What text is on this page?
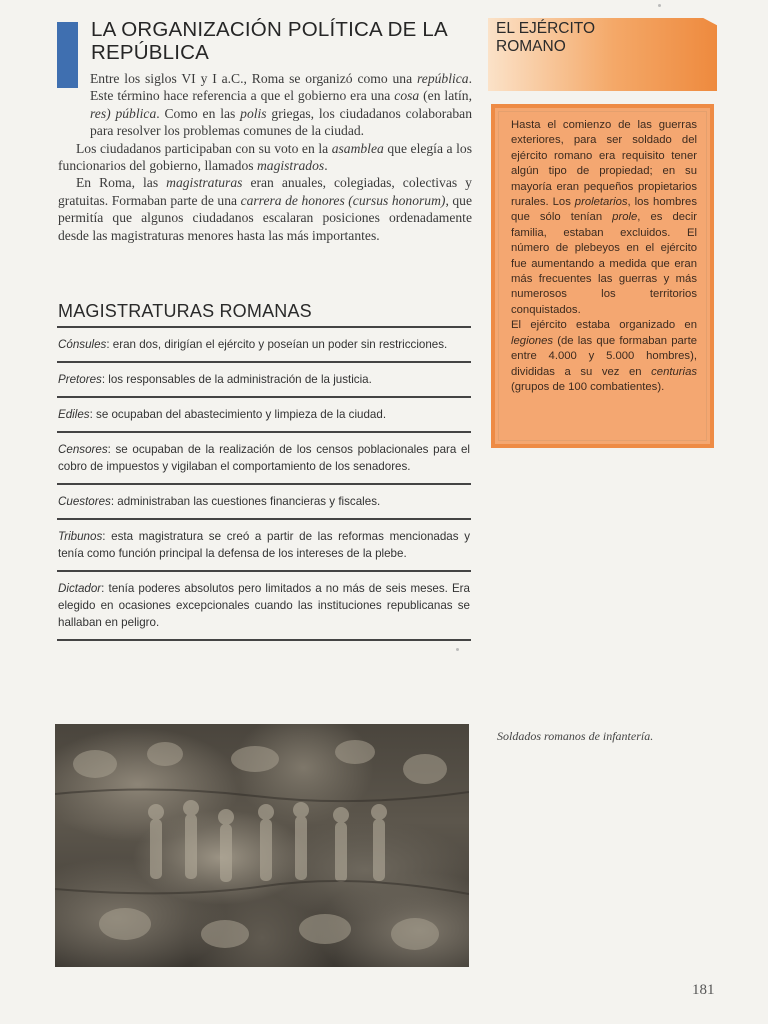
LA ORGANIZACIÓN POLÍTICA DE LA REPÚBLICA

Entre los siglos VI y I a.C., Roma se organizó como una república. Este término hace referencia a que el gobierno era una cosa (en latín, res) pública. Como en las polis griegas, los ciudadanos colaboraban para resolver los problemas comunes de la ciudad.

Los ciudadanos participaban con su voto en la asamblea que elegía a los funcionarios del gobierno, llamados magistrados.

En Roma, las magistraturas eran anuales, colegiadas, colectivas y gratuitas. Formaban parte de una carrera de honores (cursus honorum), que permitía que algunos ciudadanos escalaran posiciones ordenadamente desde las magistraturas menores hasta las más importantes.

MAGISTRATURAS ROMANAS
Cónsules: eran dos, dirigían el ejército y poseían un poder sin restricciones.
Pretores: los responsables de la administración de la justicia.
Ediles: se ocupaban del abastecimiento y limpieza de la ciudad.
Censores: se ocupaban de la realización de los censos poblacionales para el cobro de impuestos y vigilaban el comportamiento de los senadores.
Cuestores: administraban las cuestiones financieras y fiscales.
Tribunos: esta magistratura se creó a partir de las reformas mencionadas y tenía como función principal la defensa de los intereses de la plebe.
Dictador: tenía poderes absolutos pero limitados a no más de seis meses. Era elegido en ocasiones excepcionales cuando las instituciones republicanas se hallaban en peligro.
EL EJÉRCITO
ROMANO

Hasta el comienzo de las guerras exteriores, para ser soldado del ejército romano era requisito tener algún tipo de propiedad; en su mayoría eran pequeños propietarios rurales. Los proletarios, los hombres que sólo tenían prole, es decir familia, estaban excluidos. El número de plebeyos en el ejército fue aumentando a medida que eran más frecuentes las guerras y más numerosos los territorios conquistados.

El ejército estaba organizado en legiones (de las que formaban parte entre 4.000 y 5.000 hombres), divididas a su vez en centurias (grupos de 100 combatientes).

Soldados romanos de infantería.
181
